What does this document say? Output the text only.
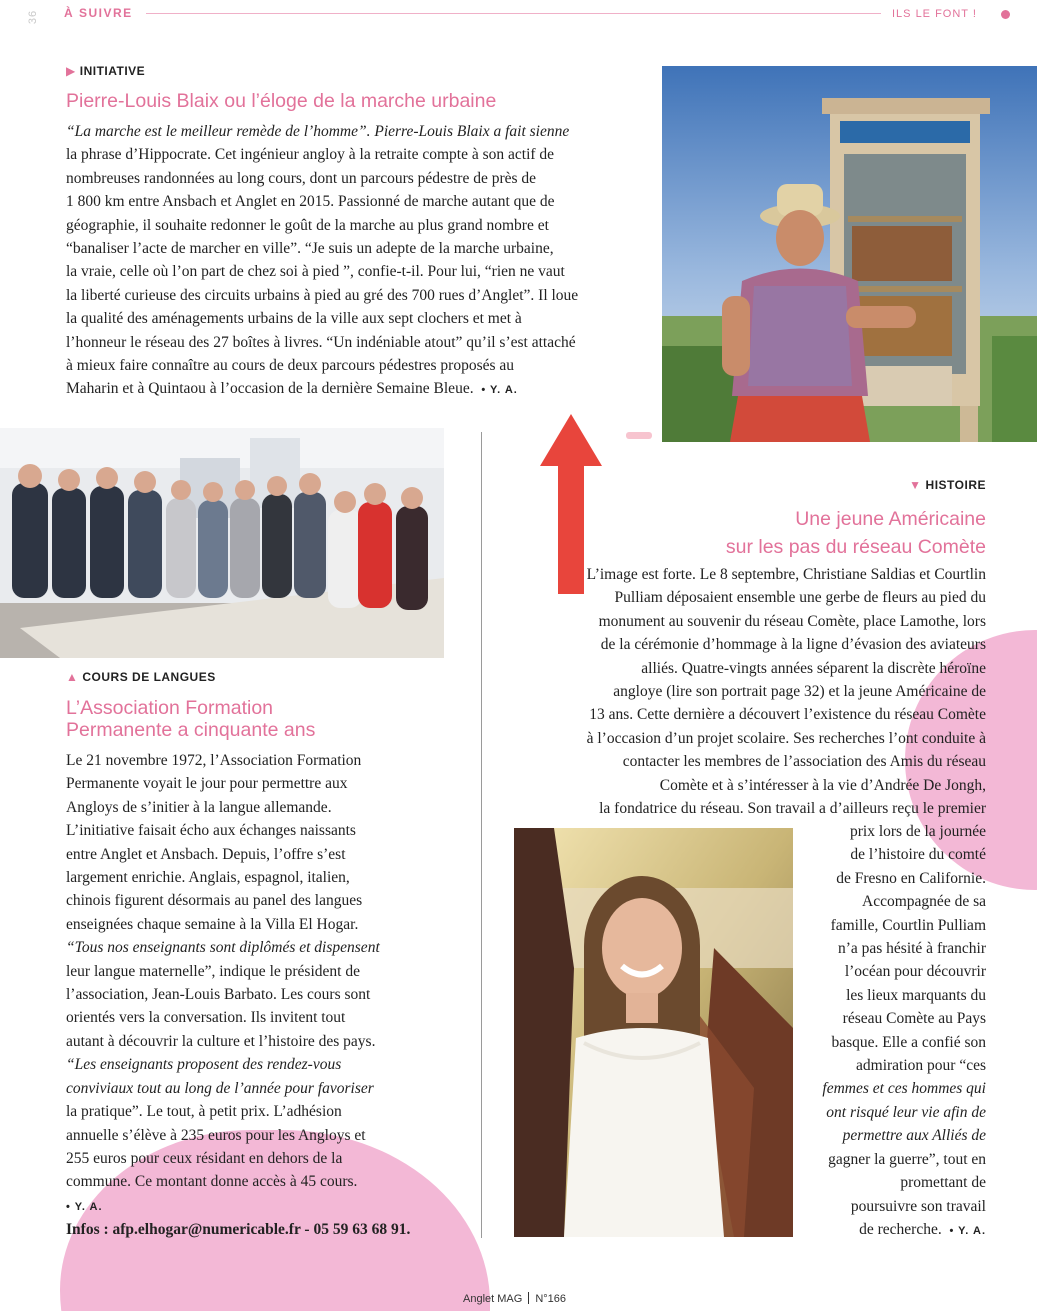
36	À SUIVRE	ILS LE FONT !
▶ INITIATIVE
Pierre-Louis Blaix ou l’éloge de la marche urbaine

“La marche est le meilleur remède de l’homme”. Pierre-Louis Blaix a fait sienne

la phrase d’Hippocrate. Cet ingénieur angloy à la retraite compte à son actif de

nombreuses randonnées au long cours, dont un parcours pédestre de près de

1 800 km entre Ansbach et Anglet en 2015. Passionné de marche autant que de

géographie, il souhaite redonner le goût de la marche au plus grand nombre et

“banaliser l’acte de marcher en ville”. “Je suis un adepte de la marche urbaine,

la vraie, celle où l’on part de chez soi à pied ”, confie-t-il. Pour lui, “rien ne vaut

la liberté curieuse des circuits urbains à pied au gré des 700 rues d’Anglet”. Il loue

la qualité des aménagements urbains de la ville aux sept clochers et met à

l’honneur le réseau des 27 boîtes à livres. “Un indéniable atout” qu’il s’est attaché

à mieux faire connaître au cours de deux parcours pédestres proposés au

Maharin et à Quintaou à l’occasion de la dernière Semaine Bleue. • Y. A.

▲ COURS DE LANGUES
L’Association Formation
Permanente a cinquante ans

Le 21 novembre 1972, l’Association Formation

Permanente voyait le jour pour permettre aux

Angloys de s’initier à la langue allemande.

L’initiative faisait écho aux échanges naissants

entre Anglet et Ansbach. Depuis, l’offre s’est

largement enrichie. Anglais, espagnol, italien,

chinois figurent désormais au panel des langues

enseignées chaque semaine à la Villa El Hogar.

“Tous nos enseignants sont diplômés et dispensent

leur langue maternelle”, indique le président de

l’association, Jean-Louis Barbato. Les cours sont

orientés vers la conversation. Ils invitent tout

autant à découvrir la culture et l’histoire des pays.

“Les enseignants proposent des rendez-vous

conviviaux tout au long de l’année pour favoriser

la pratique”. Le tout, à petit prix. L’adhésion

annuelle s’élève à 235 euros pour les Angloys et

255 euros pour ceux résidant en dehors de la

commune. Ce montant donne accès à 45 cours.

• Y. A.

Infos : afp.elhogar@numericable.fr - 05 59 63 68 91.

▼ HISTOIRE
Une jeune Américaine
sur les pas du réseau Comète

L’image est forte. Le 8 septembre, Christiane Saldias et Courtlin

Pulliam déposaient ensemble une gerbe de fleurs au pied du

monument au souvenir du réseau Comète, place Lamothe, lors

de la cérémonie d’hommage à la ligne d’évasion des aviateurs

alliés. Quatre-vingts années séparent la discrète héroïne

angloye (lire son portrait page 32) et la jeune Américaine de

13 ans. Cette dernière a découvert l’existence du réseau Comète

à l’occasion d’un projet scolaire. Ses recherches l’ont conduite à

contacter les membres de l’association des Amis du réseau

Comète et à s’intéresser à la vie d’Andrée De Jongh,

la fondatrice du réseau. Son travail a d’ailleurs reçu le premier

prix lors de la journée

de l’histoire du comté

de Fresno en Californie.

Accompagnée de sa

famille, Courtlin Pulliam

n’a pas hésité à franchir

l’océan pour découvrir

les lieux marquants du

réseau Comète au Pays

basque. Elle a confié son

admiration pour “ces

femmes et ces hommes qui

ont risqué leur vie afin de

permettre aux Alliés de

gagner la guerre”, tout en

promettant de

poursuivre son travail

de recherche. • Y. A.

Anglet MAG N°166
